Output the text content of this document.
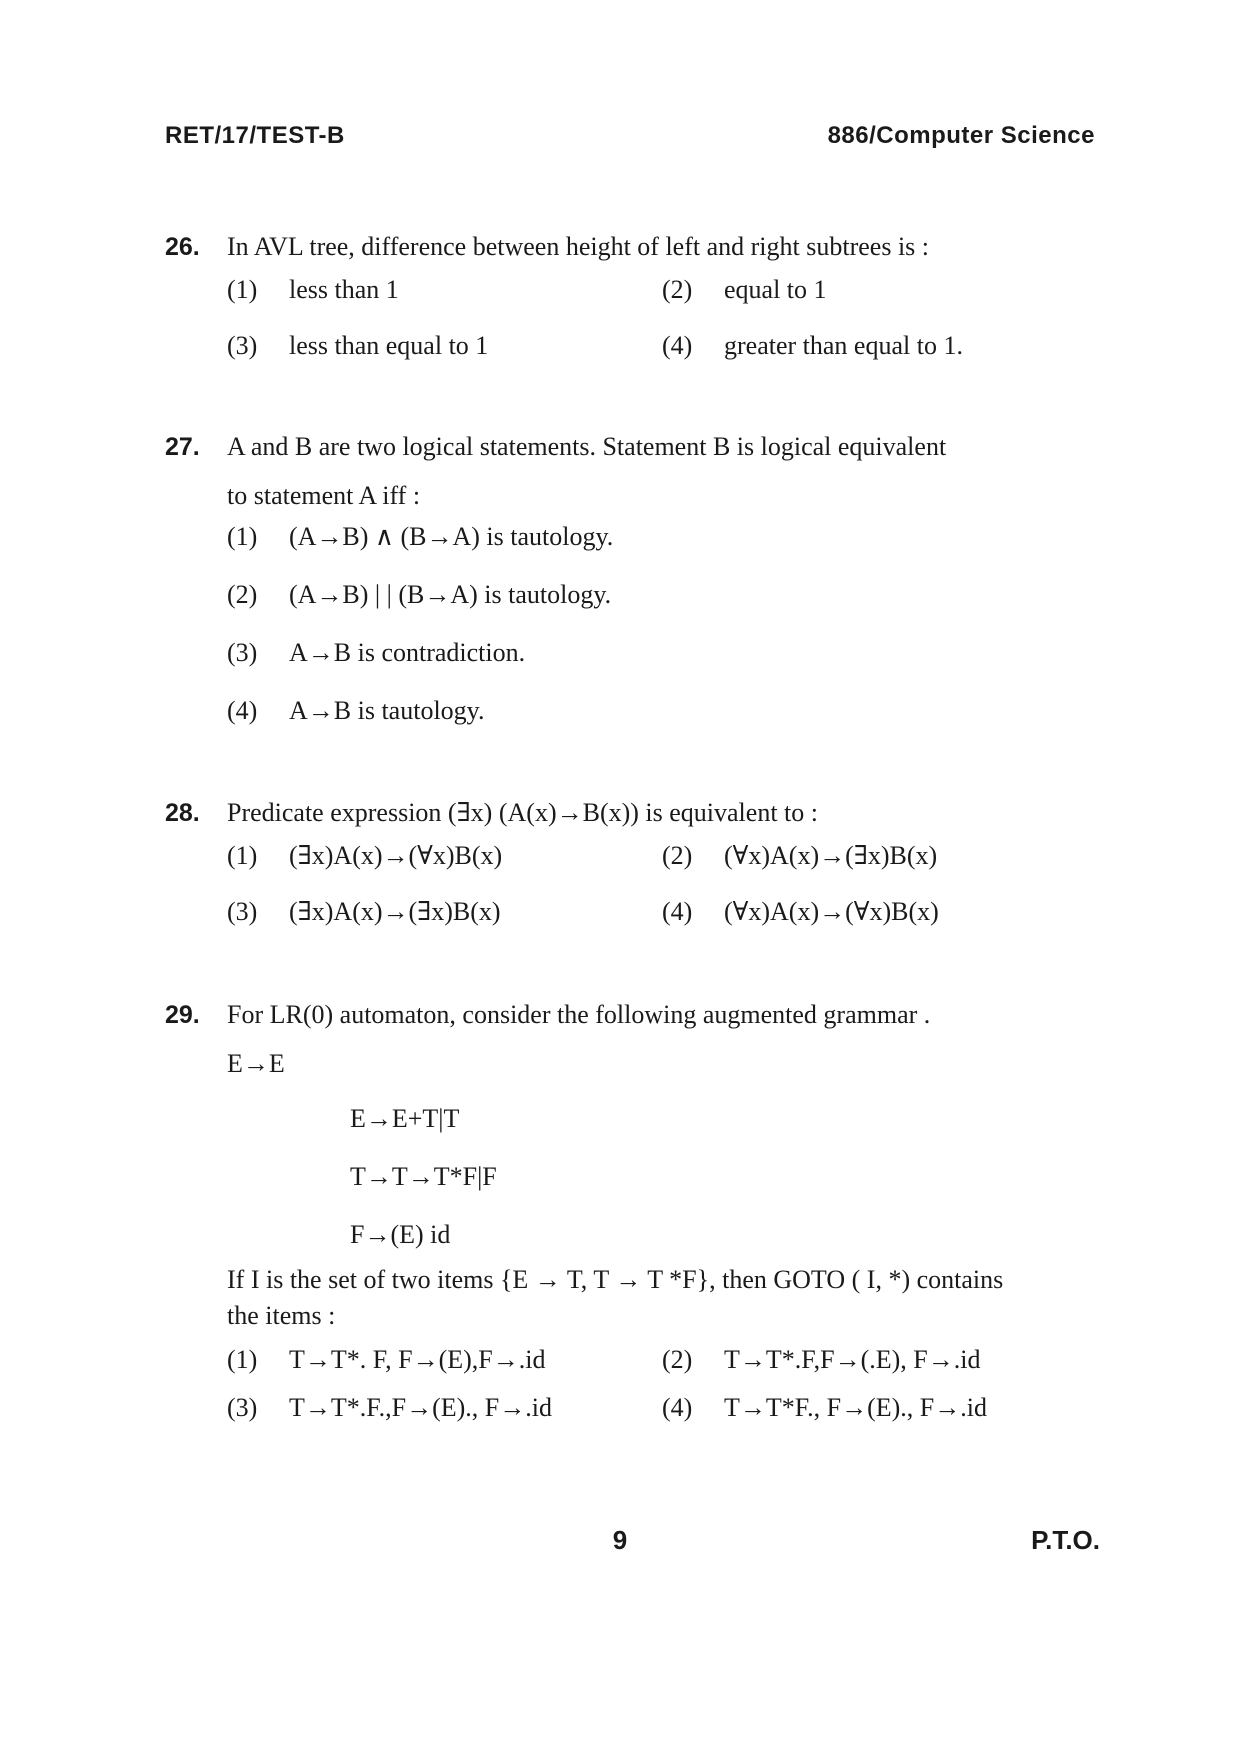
RET/17/TEST-B	886/Computer Science
26.	In AVL tree, difference between height of left and right subtrees is :
(1)	less than 1	(2)	equal to 1
(3)	less than equal to 1	(4)	greater than equal to 1.
27.	A and B are two logical statements. Statement B is logical equivalent
to statement A iff :
(1)	(A→B) ∧ (B→A) is tautology.
(2)	(A→B) | | (B→A) is tautology.
(3)	A→B is contradiction.
(4)	A→B is tautology.
28.	Predicate expression (∃x) (A(x)→B(x)) is equivalent to :
(1)	(∃x)A(x)→(∀x)B(x)	(2)	(∀x)A(x)→(∃x)B(x)
(3)	(∃x)A(x)→(∃x)B(x)	(4)	(∀x)A(x)→(∀x)B(x)
29.	For LR(0) automaton, consider the following augmented grammar .
E→E
E→E+T|T
T→T→T*F|F
F→(E) id
If I is the set of two items {E → T, T → T *F}, then GOTO ( I, *) contains
the items :
(1)	T→T*. F, F→(E),F→.id	(2)	T→T*.F,F→(.E), F→.id
(3)	T→T*.F.,F→(E)., F→.id	(4)	T→T*F., F→(E)., F→.id
9	P.T.O.
